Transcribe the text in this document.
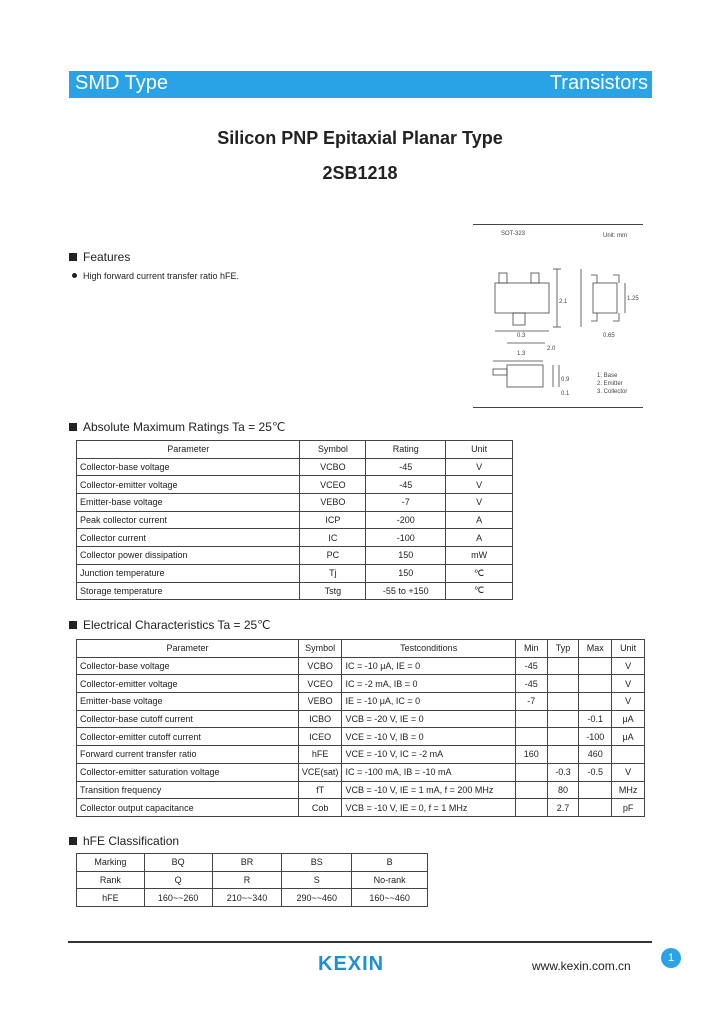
SMD Type	Transistors
Silicon PNP Epitaxial Planar Type
2SB1218
Features
High forward current transfer ratio hFE.
SOT-323	Unit: mm
2.1	1.25
0.3	0.65
1.3
2.0
0.9
0.1
1. Base
2. Emitter
3. Collector
Absolute Maximum Ratings Ta = 25℃
Parameter	Symbol	Rating	Unit
Collector-base voltage	VCBO	-45	V
Collector-emitter voltage	VCEO	-45	V
Emitter-base voltage	VEBO	-7	V
Peak collector current	ICP	-200	A
Collector current	IC	-100	A
Collector power dissipation	PC	150	mW
Junction temperature	Tj	150	℃
Storage temperature	Tstg	-55 to +150	℃
Electrical Characteristics Ta = 25℃
Parameter	Symbol	Testconditions	Min	Typ	Max	Unit
Collector-base voltage	VCBO	IC = -10 μA, IE = 0	-45			V
Collector-emitter voltage	VCEO	IC = -2 mA, IB = 0	-45			V
Emitter-base voltage	VEBO	IE = -10 μA, IC = 0	-7			V
Collector-base cutoff current	ICBO	VCB = -20 V, IE = 0			-0.1	μA
Collector-emitter cutoff current	ICEO	VCE = -10 V, IB = 0			-100	μA
Forward current transfer ratio	hFE	VCE = -10 V, IC = -2 mA	160		460	
Collector-emitter saturation voltage	VCE(sat)	IC = -100 mA, IB = -10 mA		-0.3	-0.5	V
Transition frequency	fT	VCB = -10 V, IE = 1 mA, f = 200 MHz		80		MHz
Collector output capacitance	Cob	VCB = -10 V, IE = 0, f = 1 MHz		2.7		pF
hFE Classification
Marking	BQ	BR	BS	B
Rank	Q	R	S	No-rank
hFE	160~~260	210~~340	290~~460	160~~460
KEXIN	www.kexin.com.cn
1
